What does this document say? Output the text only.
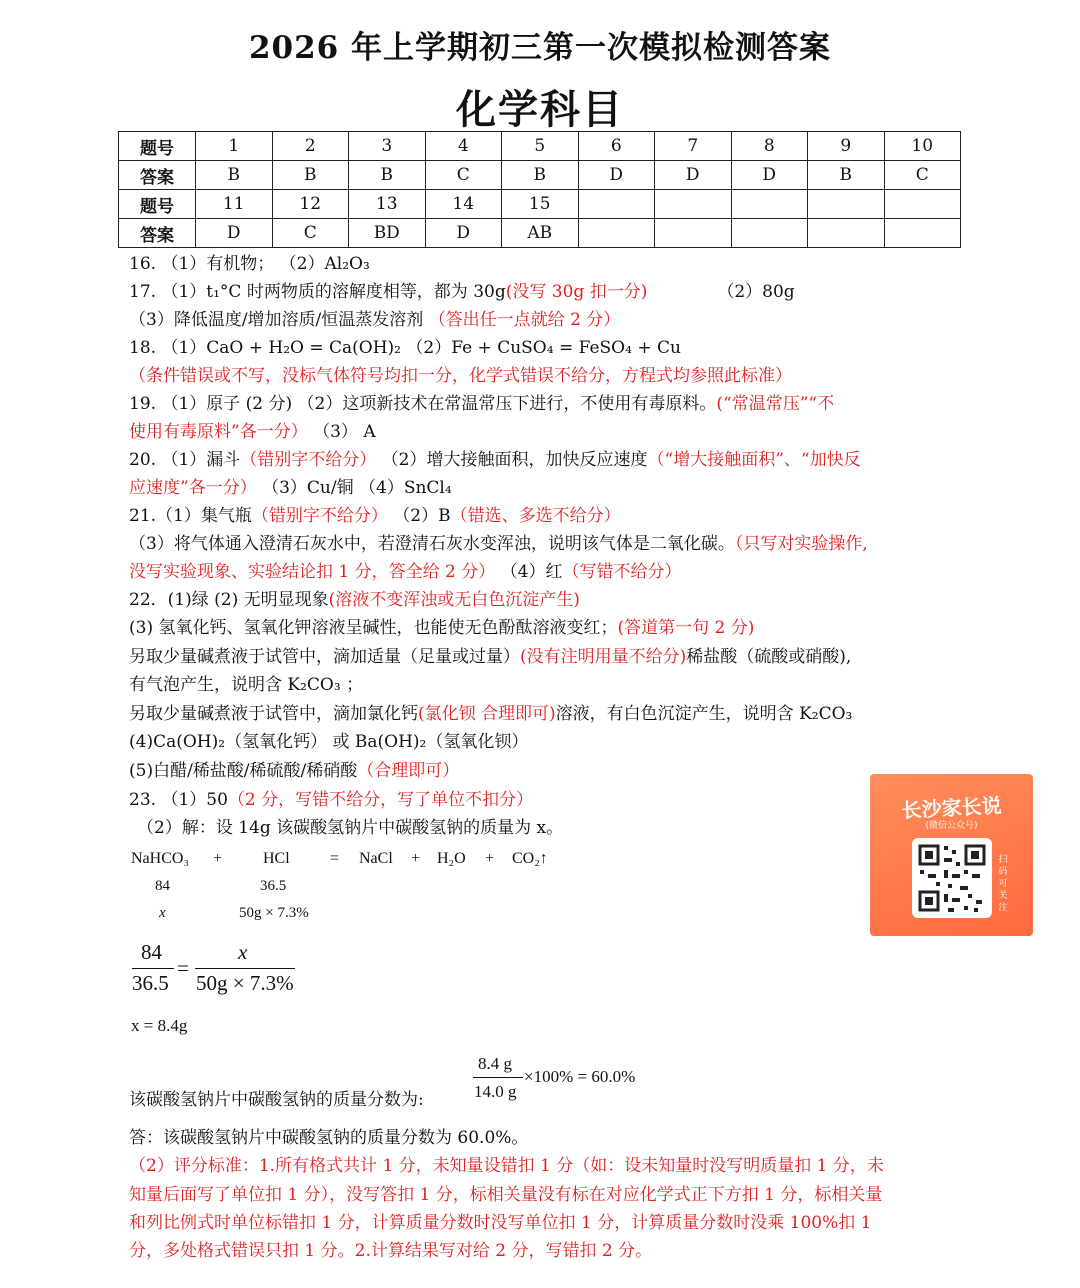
2026 年上学期初三第一次模拟检测答案
化学科目
题号	1	2	3	4	5	6	7	8	9	10
答案	B	B	B	C	B	D	D	D	B	C
题号	11	12	13	14	15					
答案	D	C	BD	D	AB					
16. （1）有机物； （2）Al₂O₃
17. （1）t₁°C 时两物质的溶解度相等，都为 30g(没写 30g 扣一分)	（2）80g
（3）降低温度/增加溶质/恒温蒸发溶剂 （答出任一点就给 2 分）
18. （1）CaO + H₂O = Ca(OH)₂ （2）Fe + CuSO₄ = FeSO₄ + Cu
（条件错误或不写，没标气体符号均扣一分，化学式错误不给分，方程式均参照此标准）
19. （1）原子 (2 分) （2）这项新技术在常温常压下进行，不使用有毒原料。(“常温常压”“不
使用有毒原料”各一分） （3） A
20. （1）漏斗（错别字不给分） （2）增大接触面积，加快反应速度（“增大接触面积”、“加快反
应速度”各一分） （3）Cu/铜 （4）SnCl₄
21.（1）集气瓶（错别字不给分） （2）B（错选、多选不给分）
（3）将气体通入澄清石灰水中，若澄清石灰水变浑浊，说明该气体是二氧化碳。（只写对实验操作,
没写实验现象、实验结论扣 1 分，答全给 2 分） （4）红（写错不给分）
22．(1)绿 (2) 无明显现象(溶液不变浑浊或无白色沉淀产生)
(3) 氢氧化钙、氢氧化钾溶液呈碱性，也能使无色酚酞溶液变红；(答道第一句 2 分)
另取少量碱煮液于试管中，滴加适量（足量或过量）(没有注明用量不给分)稀盐酸（硫酸或硝酸),
有气泡产生，说明含 K₂CO₃ ；
另取少量碱煮液于试管中，滴加氯化钙(氯化钡 合理即可)溶液，有白色沉淀产生，说明含 K₂CO₃
(4)Ca(OH)₂（氢氧化钙） 或 Ba(OH)₂（氢氧化钡）
(5)白醋/稀盐酸/稀硫酸/稀硝酸（合理即可）
23. （1）50（2 分，写错不给分，写了单位不扣分）
（2）解：设 14g 该碳酸氢钠片中碳酸氢钠的质量为 x。
NaHCO₃ +	HCl	= NaCl + H₂O + CO₂↑
84	36.5
x	50g × 7.3%
84
36.5
=
x
50g × 7.3%
x = 8.4g
8.4 g
14.0 g
×100% = 60.0%
该碳酸氢钠片中碳酸氢钠的质量分数为:
答：该碳酸氢钠片中碳酸氢钠的质量分数为 60.0%。
（2）评分标准：1.所有格式共计 1 分，未知量设错扣 1 分（如：设未知量时没写明质量扣 1 分，未
知量后面写了单位扣 1 分），没写答扣 1 分，标相关量没有标在对应化学式正下方扣 1 分，标相关量
和列比例式时单位标错扣 1 分，计算质量分数时没写单位扣 1 分，计算质量分数时没乘 100%扣 1
分，多处格式错误只扣 1 分。2.计算结果写对给 2 分，写错扣 2 分。
长沙家长说
(微信公众号)
扫码可关注
